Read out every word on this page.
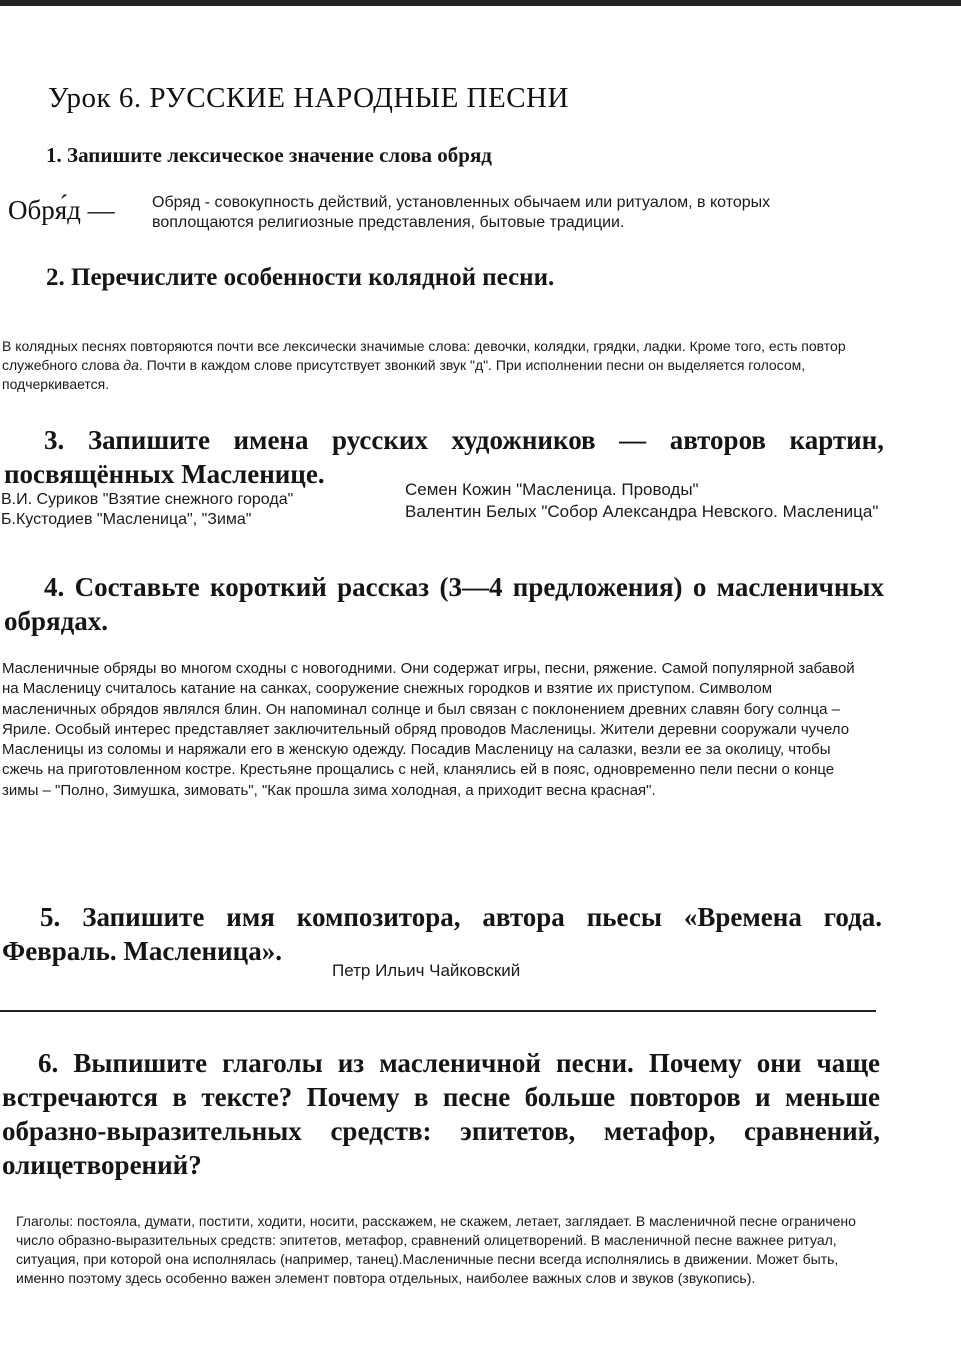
Урок 6. РУССКИЕ НАРОДНЫЕ ПЕСНИ
1. Запишите лексическое значение слова обряд
Обря́д — Обряд - совокупность действий, установленных обычаем или ритуалом, в которых воплощаются религиозные представления, бытовые традиции.
2. Перечислите особенности колядной песни.
В колядных песнях повторяются почти все лексически значимые слова: девочки, колядки, грядки, ладки. Кроме того, есть повтор служебного слова да. Почти в каждом слове присутствует звонкий звук "д". При исполнении песни он выделяется голосом, подчеркивается.
3. Запишите имена русских художников — авторов картин, посвящённых Масленице.
В.И. Суриков "Взятие снежного города"
Б.Кустодиев "Масленица", "Зима"
Семен Кожин "Масленица. Проводы"
Валентин Белых "Собор Александра Невского. Масленица"
4. Составьте короткий рассказ (3—4 предложения) о масленичных обрядах.
Масленичные обряды во многом сходны с новогодними. Они содержат игры, песни, ряжение. Самой популярной забавой на Масленицу считалось катание на санках, сооружение снежных городков и взятие их приступом. Символом масленичных обрядов являлся блин. Он напоминал солнце и был связан с поклонением древних славян богу солнца – Яриле. Особый интерес представляет заключительный обряд проводов Масленицы. Жители деревни сооружали чучело Масленицы из соломы и наряжали его в женскую одежду. Посадив Масленицу на салазки, везли ее за околицу, чтобы сжечь на приготовленном костре. Крестьяне прощались с ней, кланялись ей в пояс, одновременно пели песни о конце зимы – "Полно, Зимушка, зимовать", "Как прошла зима холодная, а приходит весна красная".
5. Запишите имя композитора, автора пьесы «Времена года. Февраль. Масленица».
Петр Ильич Чайковский
6. Выпишите глаголы из масленичной песни. Почему они чаще встречаются в тексте? Почему в песне больше повторов и меньше образно-выразительных средств: эпитетов, метафор, сравнений, олицетворений?
Глаголы: постояла, думати, постити, ходити, носити, расскажем, не скажем, летает, заглядает. В масленичной песне ограничено число образно-выразительных средств: эпитетов, метафор, сравнений олицетворений. В масленичной песне важнее ритуал, ситуация, при которой она исполнялась (например, танец).Масленичные песни всегда исполнялись в движении. Может быть, именно поэтому здесь особенно важен элемент повтора отдельных, наиболее важных слов и звуков (звукопись).
